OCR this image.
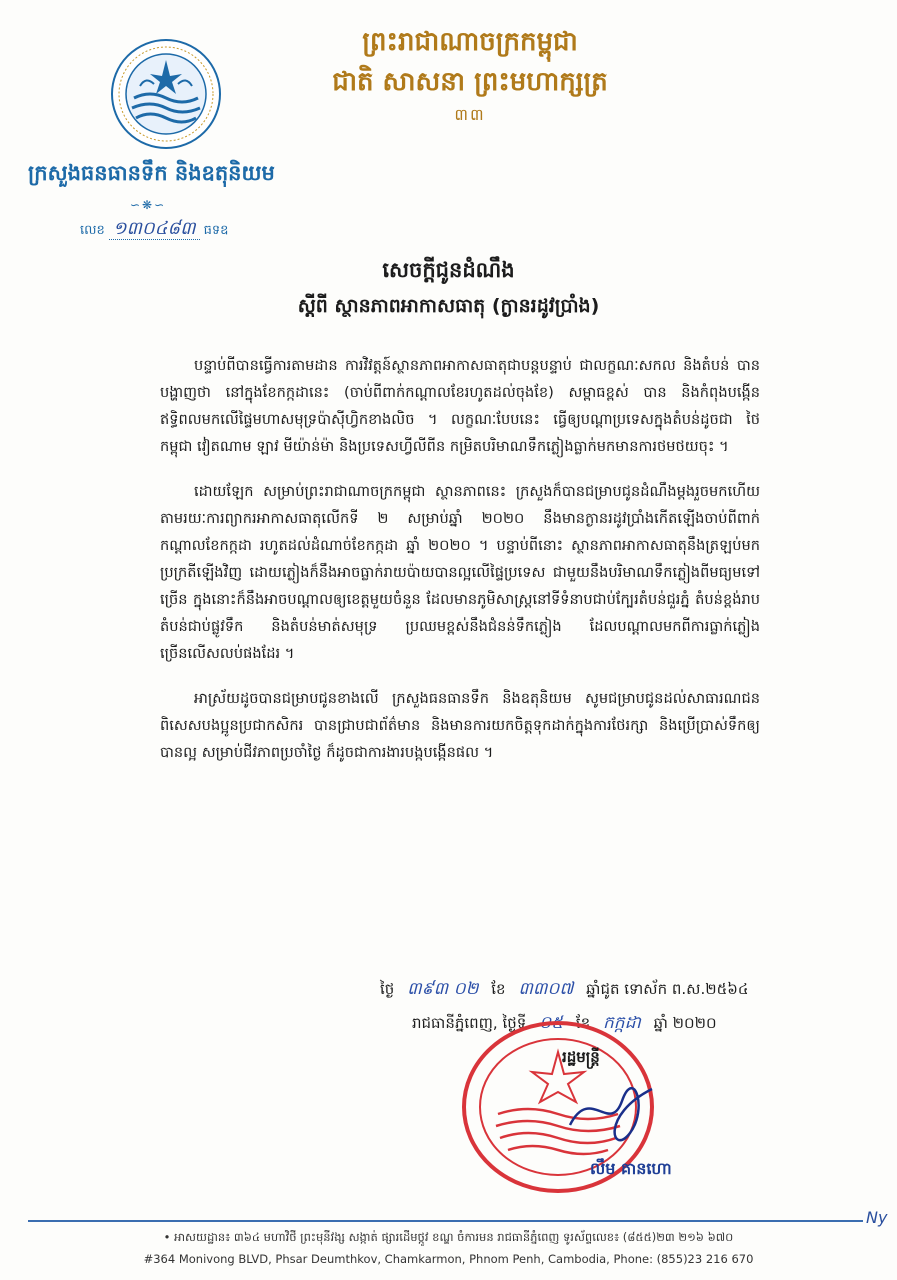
ព្រះរាជាណាចក្រកម្ពុជា
ជាតិ សាសនា ព្រះមហាក្សត្រ
៣៣
ក្រសួងធនធានទឹក និងឧតុនិយម
∽❋∽
លេខ ១៣០៤៨៣ ធទឧ
សេចក្តីជូនដំណឹង
ស្តីពី ស្ថានភាពអាកាសធាតុ (ក្ងានរដូវប្រាំង)

បន្ទាប់ពីបានធ្វើការតាមដាន ការវិវត្តន៍ស្ថានភាពអាកាសធាតុជាបន្តបន្ទាប់ ជាលក្ខណៈសកល និងតំបន់ បានបង្ហាញថា នៅក្នុងខែកក្កដានេះ (ចាប់ពីពាក់កណ្តាលខែរហូតដល់ចុងខែ) សម្ពាធខ្ពស់ បាន និងកំពុងបង្កើនឥទ្ធិពលមកលើផ្ទៃមហាសមុទ្រប៉ាស៊ីហ្វិកខាងលិច ។ លក្ខណៈបែបនេះ ធ្វើឲ្យបណ្តាប្រទេសក្នុងតំបន់ដូចជា ថៃ កម្ពុជា វៀតណាម ឡាវ មីយ៉ាន់ម៉ា និងប្រទេសហ្វីលីពីន កម្រិតបរិមាណទឹកភ្លៀងធ្លាក់មកមានការថមថយចុះ ។

ដោយឡែក សម្រាប់ព្រះរាជាណាចក្រកម្ពុជា ស្ថានភាពនេះ ក្រសួងក៏បានជម្រាបជូនដំណឹងម្តងរួចមកហើយ តាមរយៈការព្យាករអាកាសធាតុលើកទី ២ សម្រាប់ឆ្នាំ ២០២០ នឹងមានក្ងានរដូវប្រាំងកើតឡើងចាប់ពីពាក់កណ្តាលខែកក្កដា រហូតដល់ដំណាច់ខែកក្កដា ឆ្នាំ ២០២០ ។ បន្ទាប់ពីនោះ ស្ថានភាពអាកាសធាតុនឹងត្រឡប់មកប្រក្រតីឡើងវិញ ដោយភ្លៀងក៏នឹងអាចធ្លាក់រាយប៉ាយបានល្អលើផ្ទៃប្រទេស ជាមួយនឹងបរិមាណទឹកភ្លៀងពីមធ្យមទៅច្រើន ក្នុងនោះក៏នឹងអាចបណ្តាលឲ្យខេត្តមួយចំនួន ដែលមានភូមិសាស្ត្រនៅទីទំនាបជាប់ក្បែរតំបន់ជួរភ្នំ តំបន់ខ្ពង់រាប តំបន់ជាប់ផ្លូវទឹក និងតំបន់មាត់សមុទ្រ ប្រឈមខ្ពស់នឹងជំនន់ទឹកភ្លៀង ដែលបណ្តាលមកពីការធ្លាក់ភ្លៀងច្រើនលើសលប់ផងដែរ ។

អាស្រ័យដូចបានជម្រាបជូនខាងលើ ក្រសួងធនធានទឹក និងឧតុនិយម សូមជម្រាបជូនដល់សាធារណជន ពិសេសបងប្អូនប្រជាកសិករ បានជ្រាបជាព័ត៌មាន និងមានការយកចិត្តទុកដាក់ក្នុងការថែរក្សា និងប្រើប្រាស់ទឹកឲ្យបានល្អ សម្រាប់ជីវភាពប្រចាំថ្ងៃ ក៏ដូចជាការងារបង្កបង្កើនផល ។

ថ្ងៃ ៣៩៣ ០២ ខែ ៣៣០៧ ឆ្នាំជូត ទោស័ក ព.ស.២៥៦៤
រាជធានីភ្នំពេញ, ថ្ងៃទី ០៥ ខែ កក្កដា ឆ្នាំ ២០២០
រដ្ឋមន្ត្រី
លឹម គានហោ
Ny
• អាសយដ្ឋាន៖ ៣៦៤ មហាវិថី ព្រះមុនីវង្ស សង្កាត់ ផ្សារដើមថ្កូវ ខណ្ឌ ចំការមន រាជធានីភ្នំពេញ ទូរស័ព្ទលេខ៖ (៨៥៥)២៣ ២១៦ ៦៧០
#364 Monivong BLVD, Phsar Deumthkov, Chamkarmon, Phnom Penh, Cambodia, Phone: (855)23 216 670
